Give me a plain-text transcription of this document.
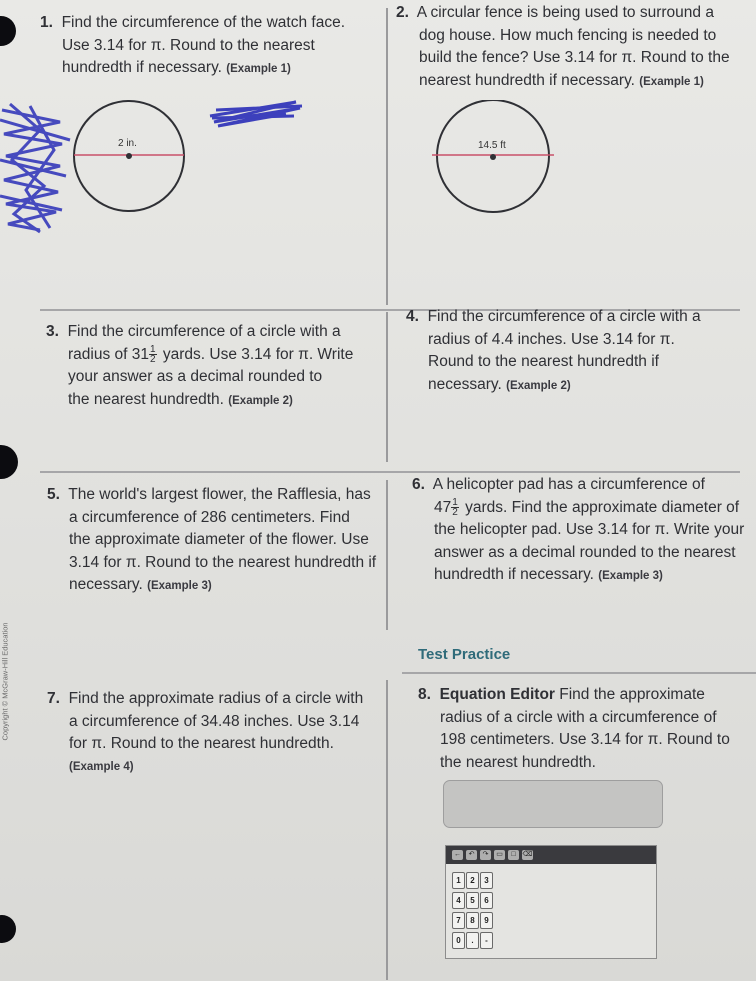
1. Find the circumference of the watch face.
Use 3.14 for π. Round to the nearest
hundredth if necessary. (Example 1)
2 in.
2. A circular fence is being used to surround a
dog house. How much fencing is needed to
build the fence? Use 3.14 for π. Round to the
nearest hundredth if necessary. (Example 1)
14.5 ft
3. Find the circumference of a circle with a
radius of $31 \frac{1}{2}$ yards. Use 3.14 for π. Write
your answer as a decimal rounded to
the nearest hundredth. (Example 2)
4. Find the circumference of a circle with a
radius of 4.4 inches. Use 3.14 for π.
Round to the nearest hundredth if
necessary. (Example 2)
5. The world's largest flower, the Rafflesia, has
a circumference of 286 centimeters. Find
the approximate diameter of the flower. Use
3.14 for π. Round to the nearest hundredth if
necessary. (Example 3)
6. A helicopter pad has a circumference of
$47 \frac{1}{2}$ yards. Find the approximate diameter of
the helicopter pad. Use 3.14 for π. Write your
answer as a decimal rounded to the nearest
hundredth if necessary. (Example 3)
Test Practice
7. Find the approximate radius of a circle with
a circumference of 34.48 inches. Use 3.14
for π. Round to the nearest hundredth.
(Example 4)
8. Equation Editor Find the approximate
radius of a circle with a circumference of
198 centimeters. Use 3.14 for π. Round to
the nearest hundredth.
←	↶	↷	▭	□ ⌫
1	2	3
4	5	6
7	8	9
0	.	-
Copyright © McGraw-Hill Education
